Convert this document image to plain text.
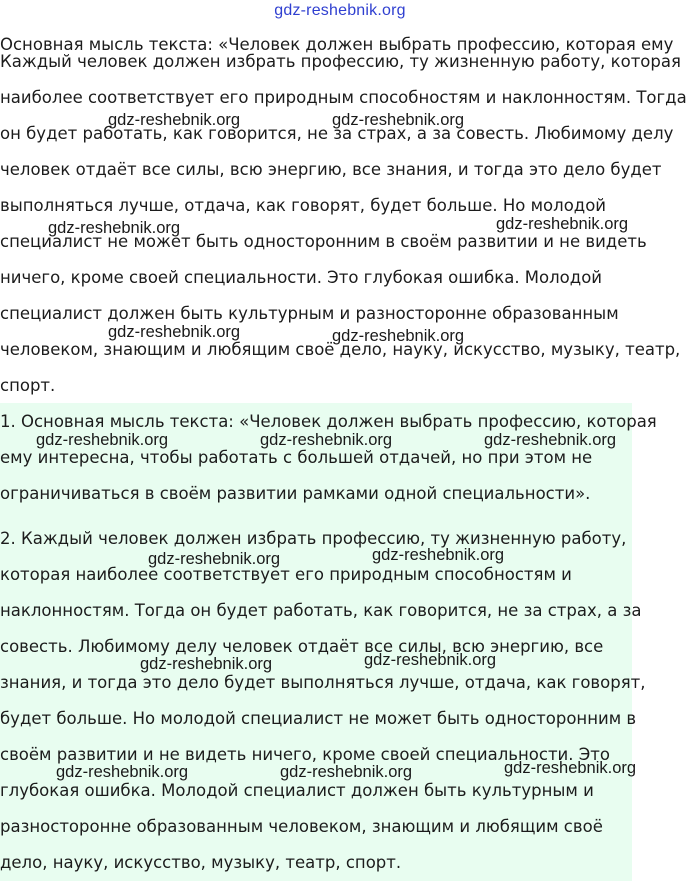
gdz-reshebnik.org
Основная мысль текста: «Человек должен выбрать профессию, которая ему
Каждый человек должен избрать профессию, ту жизненную работу, которая
наиболее соответствует его природным способностям и наклонностям. Тогда
он будет работать, как говорится, не за страх, а за совесть. Любимому делу
человек отдаёт все силы, всю энергию, все знания, и тогда это дело будет
выполняться лучше, отдача, как говорят, будет больше. Но молодой
специалист не может быть односторонним в своём развитии и не видеть
ничего, кроме своей специальности. Это глубокая ошибка. Молодой
специалист должен быть культурным и разносторонне образованным
человеком, знающим и любящим своё дело, науку, искусство, музыку, театр,
спорт.
1. Основная мысль текста: «Человек должен выбрать профессию, которая
ему интересна, чтобы работать с большей отдачей, но при этом не
ограничиваться в своём развитии рамками одной специальности».
2. Каждый человек должен избрать профессию, ту жизненную работу,
которая наиболее соответствует его природным способностям и
наклонностям. Тогда он будет работать, как говорится, не за страх, а за
совесть. Любимому делу человек отдаёт все силы, всю энергию, все
знания, и тогда это дело будет выполняться лучше, отдача, как говорят,
будет больше. Но молодой специалист не может быть односторонним в
своём развитии и не видеть ничего, кроме своей специальности. Это
глубокая ошибка. Молодой специалист должен быть культурным и
разносторонне образованным человеком, знающим и любящим своё
дело, науку, искусство, музыку, театр, спорт.
gdz-reshebnik.org	gdz-reshebnik.org
gdz-reshebnik.org	gdz-reshebnik.org
gdz-reshebnik.org	gdz-reshebnik.org
gdz-reshebnik.org	gdz-reshebnik.org	gdz-reshebnik.org
gdz-reshebnik.org	gdz-reshebnik.org
gdz-reshebnik.org	gdz-reshebnik.org
gdz-reshebnik.org	gdz-reshebnik.org	gdz-reshebnik.org
